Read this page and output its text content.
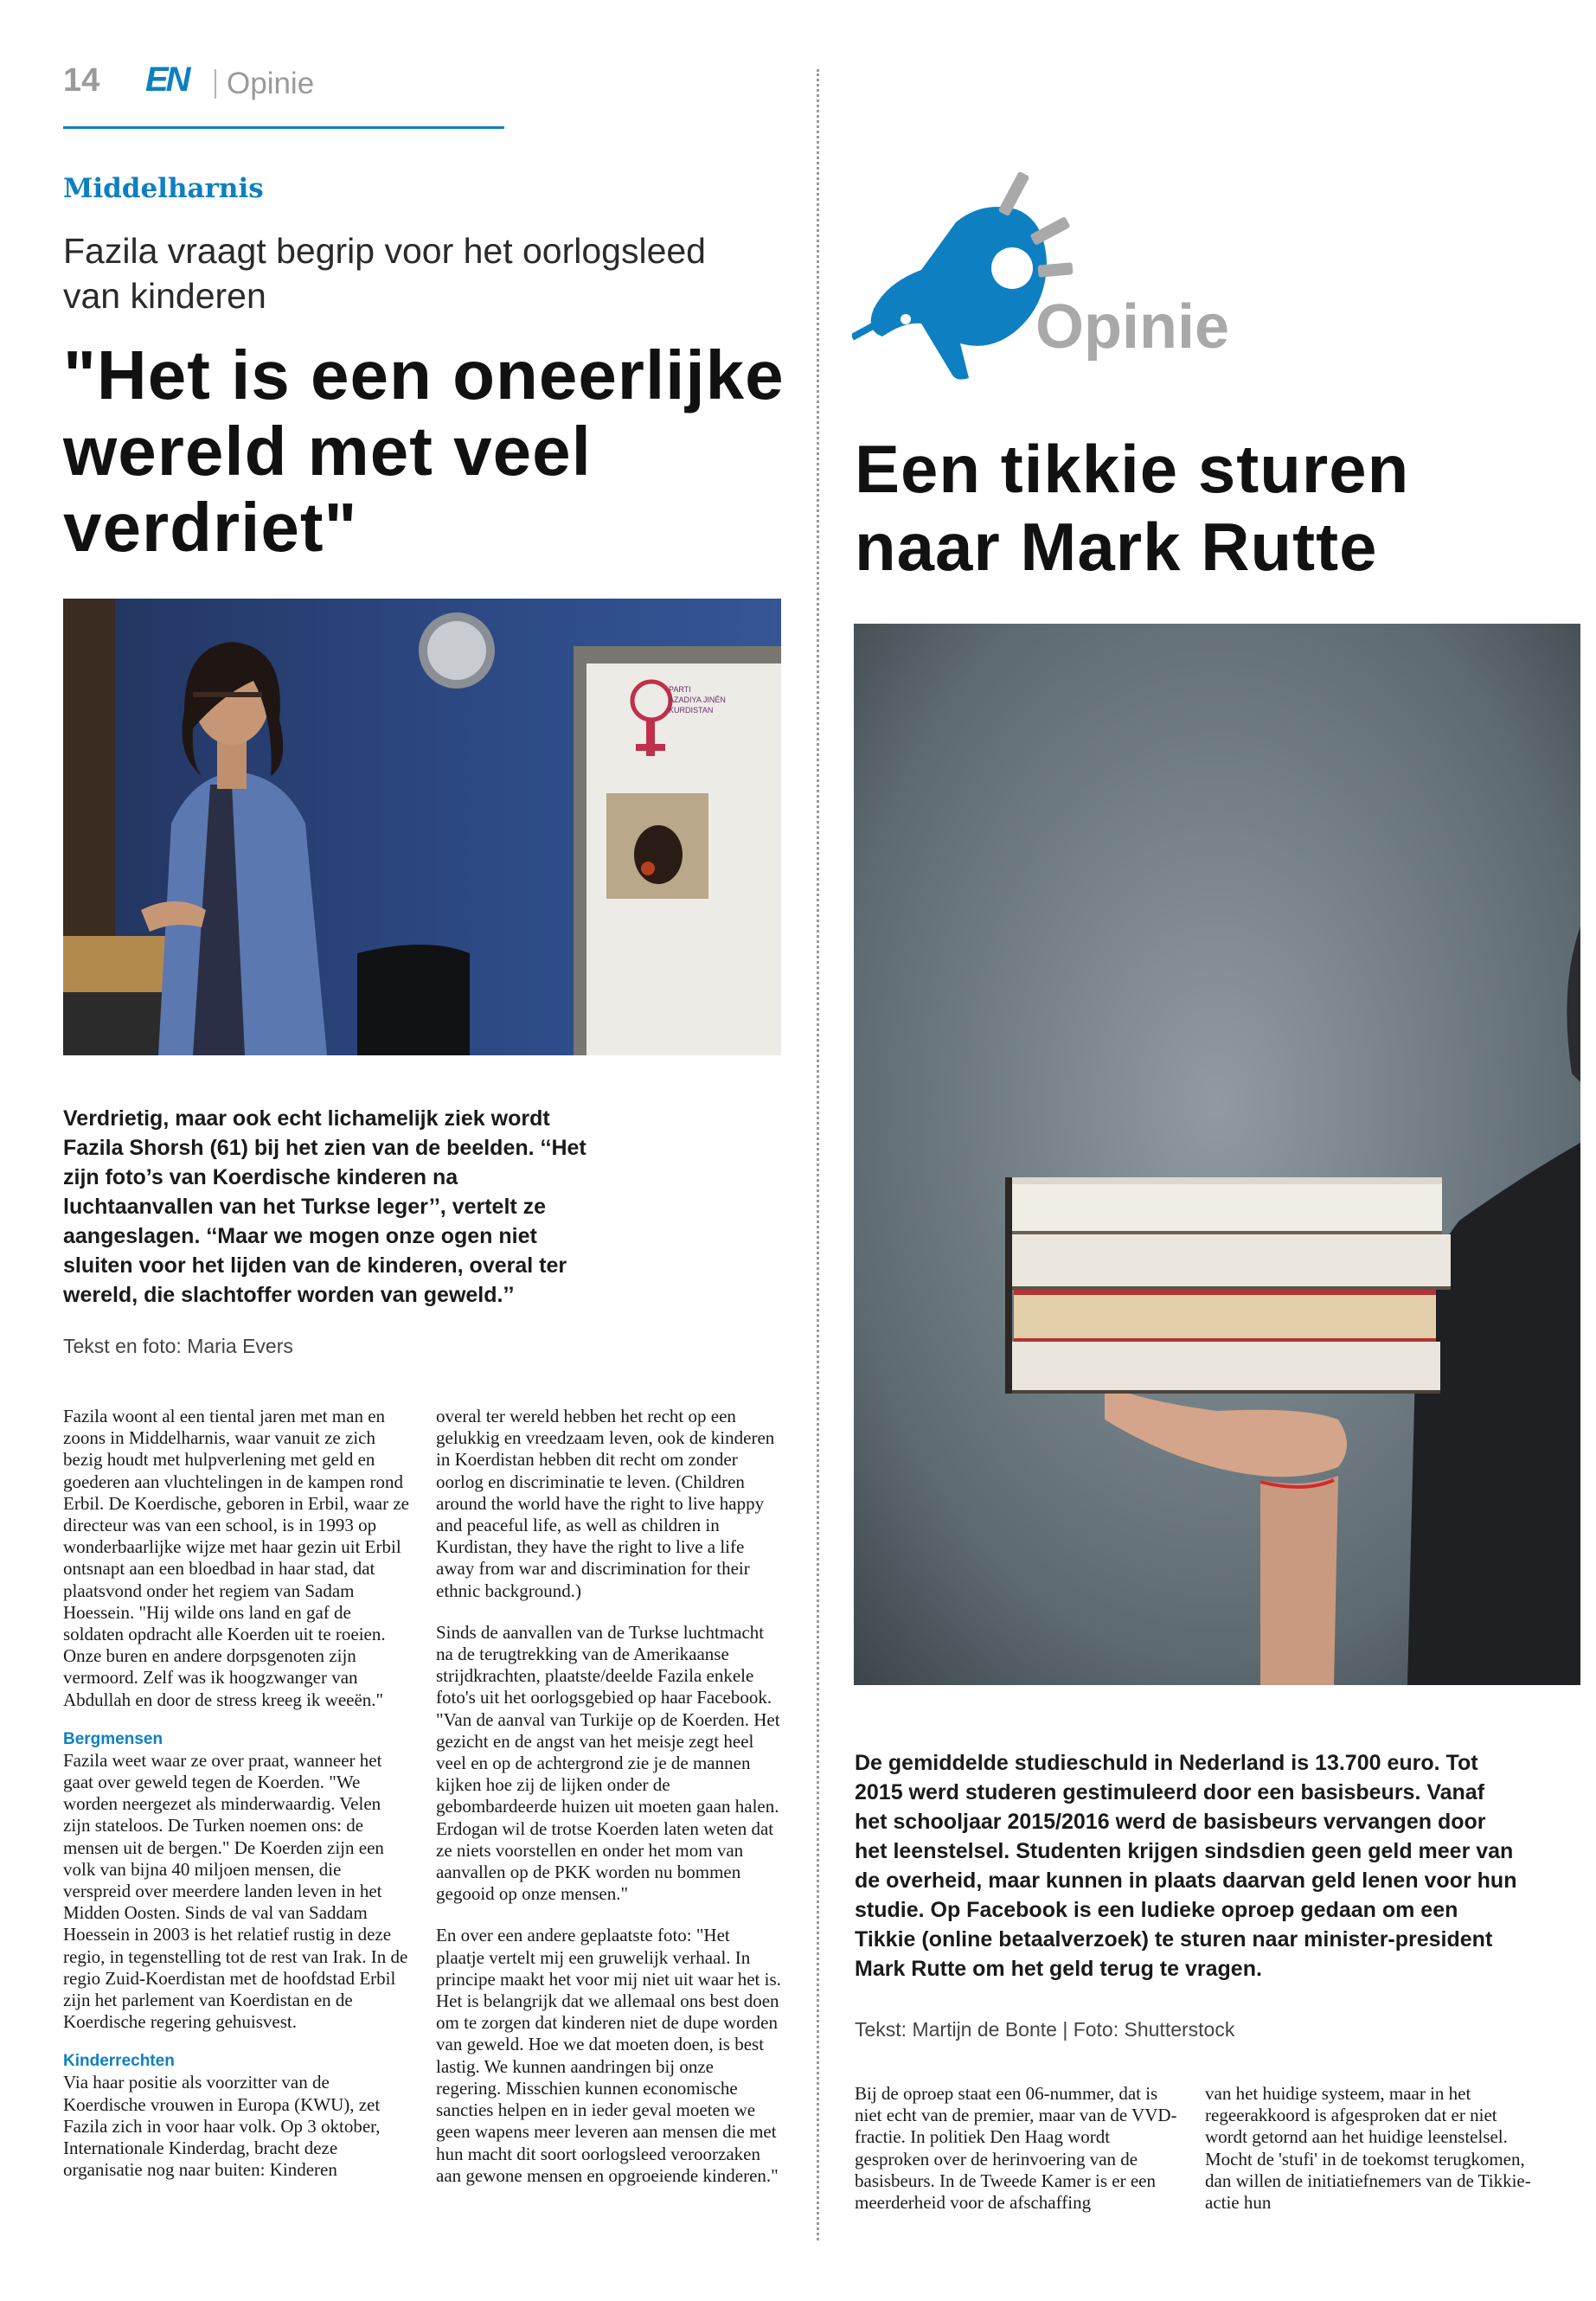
14 EN Opinie
Middelharnis
Fazila vraagt begrip voor het oorlogsleed van kinderen
"Het is een oneerlijke wereld met veel verdriet"
PARTI
AZADIYA JINÊN
KURDISTAN
Verdrietig, maar ook echt lichamelijk ziek wordt Fazila Shorsh (61) bij het zien van de beelden. ‘‘Het zijn foto’s van Koerdische kinderen na luchtaanvallen van het Turkse leger’’, vertelt ze aangeslagen. ‘‘Maar we mogen onze ogen niet sluiten voor het lijden van de kinderen, overal ter wereld, die slachtoffer worden van geweld.’’
Tekst en foto: Maria Evers

Fazila woont al een tiental jaren met man en zoons in Middelharnis, waar vanuit ze zich bezig houdt met hulpverlening met geld en goederen aan vluchtelingen in de kampen rond Erbil. De Koerdische, geboren in Erbil, waar ze directeur was van een school, is in 1993 op wonderbaarlijke wijze met haar gezin uit Erbil ontsnapt aan een bloedbad in haar stad, dat plaatsvond onder het regiem van Sadam Hoessein. "Hij wilde ons land en gaf de soldaten opdracht alle Koerden uit te roeien. Onze buren en andere dorpsgenoten zijn vermoord. Zelf was ik hoogzwanger van Abdullah en door de stress kreeg ik weeën."

Bergmensen

Fazila weet waar ze over praat, wanneer het gaat over geweld tegen de Koerden. "We worden neergezet als minderwaardig. Velen zijn stateloos. De Turken noemen ons: de mensen uit de bergen." De Koerden zijn een volk van bijna 40 miljoen mensen, die verspreid over meerdere landen leven in het Midden Oosten. Sinds de val van Saddam Hoessein in 2003 is het relatief rustig in deze regio, in tegenstelling tot de rest van Irak. In de regio Zuid-Koerdistan met de hoofdstad Erbil zijn het parlement van Koerdistan en de Koerdische regering gehuisvest.

Kinderrechten

Via haar positie als voorzitter van de Koerdische vrouwen in Europa (KWU), zet Fazila zich in voor haar volk. Op 3 oktober, Internationale Kinderdag, bracht deze organisatie nog naar buiten: Kinderen

overal ter wereld hebben het recht op een gelukkig en vreedzaam leven, ook de kinderen in Koerdistan hebben dit recht om zonder oorlog en discriminatie te leven. (Children around the world have the right to live happy and peaceful life, as well as children in Kurdistan, they have the right to live a life away from war and discrimination for their ethnic background.)

Sinds de aanvallen van de Turkse luchtmacht na de terugtrekking van de Amerikaanse strijdkrachten, plaatste/deelde Fazila enkele foto's uit het oorlogsgebied op haar Facebook. "Van de aanval van Turkije op de Koerden. Het gezicht en de angst van het meisje zegt heel veel en op de achtergrond zie je de mannen kijken hoe zij de lijken onder de gebombardeerde huizen uit moeten gaan halen. Erdogan wil de trotse Koerden laten weten dat ze niets voorstellen en onder het mom van aanvallen op de PKK worden nu bommen gegooid op onze mensen."

En over een andere geplaatste foto: "Het plaatje vertelt mij een gruwelijk verhaal. In principe maakt het voor mij niet uit waar het is. Het is belangrijk dat we allemaal ons best doen om te zorgen dat kinderen niet de dupe worden van geweld. Hoe we dat moeten doen, is best lastig. We kunnen aandringen bij onze regering. Misschien kunnen economische sancties helpen en in ieder geval moeten we geen wapens meer leveren aan mensen die met hun macht dit soort oorlogsleed veroorzaken aan gewone mensen en opgroeiende kinderen."

Opinie
Een tikkie sturen naar Mark Rutte
De gemiddelde studieschuld in Nederland is 13.700 euro. Tot 2015 werd studeren gestimuleerd door een basisbeurs. Vanaf het schooljaar 2015/2016 werd de basisbeurs vervangen door het leenstelsel. Studenten krijgen sindsdien geen geld meer van de overheid, maar kunnen in plaats daarvan geld lenen voor hun studie. Op Facebook is een ludieke oproep gedaan om een Tikkie (online betaalverzoek) te sturen naar minister-president Mark Rutte om het geld terug te vragen.
Tekst: Martijn de Bonte | Foto: Shutterstock

Bij de oproep staat een 06-nummer, dat is niet echt van de premier, maar van de VVD-fractie. In politiek Den Haag wordt gesproken over de herinvoering van de basisbeurs. In de Tweede Kamer is er een meerderheid voor de afschaffing

van het huidige systeem, maar in het regeerakkoord is afgesproken dat er niet wordt getornd aan het huidige leenstelsel. Mocht de 'stufi' in de toekomst terugkomen, dan willen de initiatiefnemers van de Tikkie-actie hun
